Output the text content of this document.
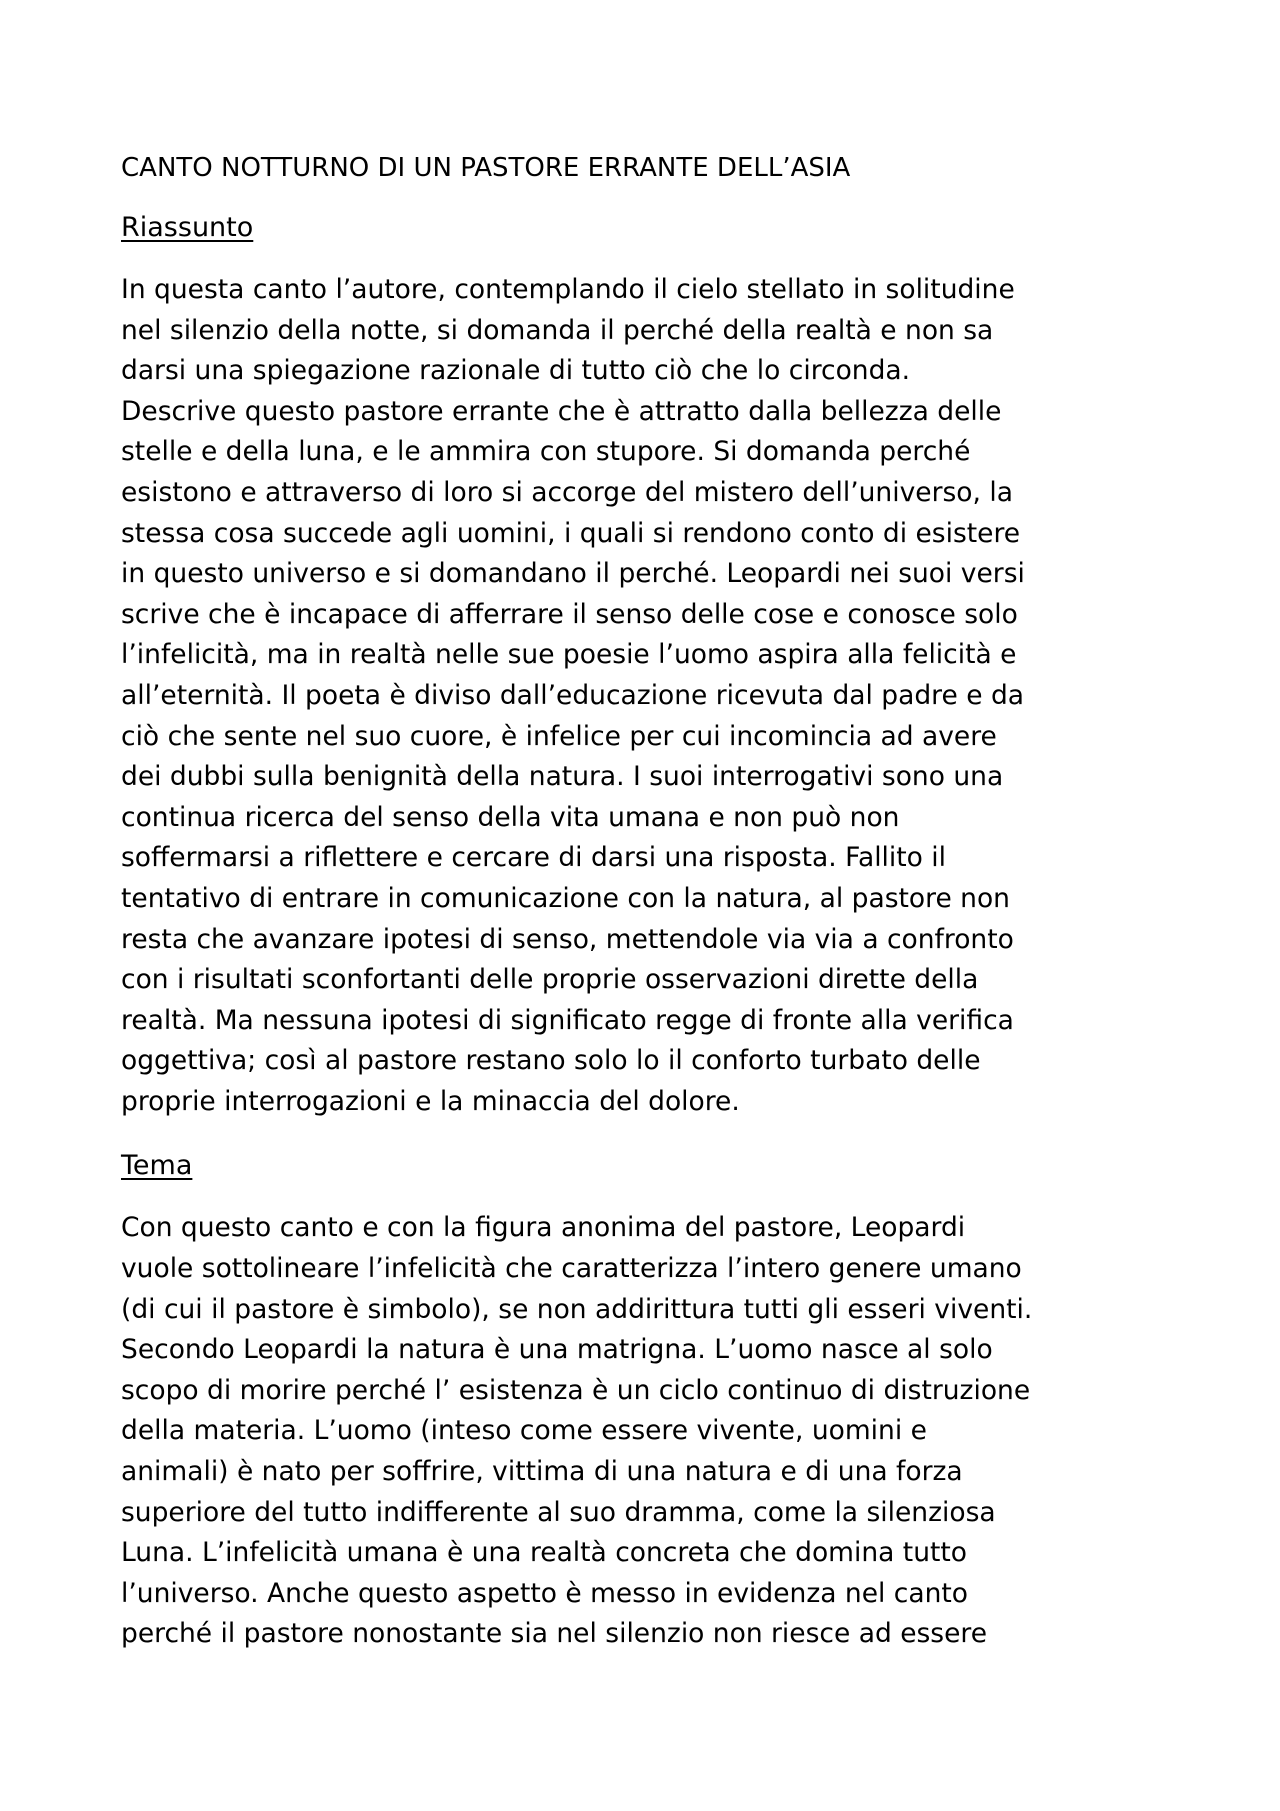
CANTO NOTTURNO DI UN PASTORE ERRANTE DELL’ASIA
Riassunto

In questa canto l’autore, contemplando il cielo stellato in solitudine
nel silenzio della notte, si domanda il perché della realtà e non sa
darsi una spiegazione razionale di tutto ciò che lo circonda.
Descrive questo pastore errante che è attratto dalla bellezza delle
stelle e della luna, e le ammira con stupore. Si domanda perché
esistono e attraverso di loro si accorge del mistero dell’universo, la
stessa cosa succede agli uomini, i quali si rendono conto di esistere
in questo universo e si domandano il perché. Leopardi nei suoi versi
scrive che è incapace di afferrare il senso delle cose e conosce solo
l’infelicità, ma in realtà nelle sue poesie l’uomo aspira alla felicità e
all’eternità. Il poeta è diviso dall’educazione ricevuta dal padre e da
ciò che sente nel suo cuore, è infelice per cui incomincia ad avere
dei dubbi sulla benignità della natura. I suoi interrogativi sono una
continua ricerca del senso della vita umana e non può non
soffermarsi a riflettere e cercare di darsi una risposta. Fallito il
tentativo di entrare in comunicazione con la natura, al pastore non
resta che avanzare ipotesi di senso, mettendole via via a confronto
con i risultati sconfortanti delle proprie osservazioni dirette della
realtà. Ma nessuna ipotesi di significato regge di fronte alla verifica
oggettiva; così al pastore restano solo lo il conforto turbato delle
proprie interrogazioni e la minaccia del dolore.

Tema

Con questo canto e con la figura anonima del pastore, Leopardi
vuole sottolineare l’infelicità che caratterizza l’intero genere umano
(di cui il pastore è simbolo), se non addirittura tutti gli esseri viventi.
Secondo Leopardi la natura è una matrigna. L’uomo nasce al solo
scopo di morire perché l’ esistenza è un ciclo continuo di distruzione
della materia. L’uomo (inteso come essere vivente, uomini e
animali) è nato per soffrire, vittima di una natura e di una forza
superiore del tutto indifferente al suo dramma, come la silenziosa
Luna. L’infelicità umana è una realtà concreta che domina tutto
l’universo. Anche questo aspetto è messo in evidenza nel canto
perché il pastore nonostante sia nel silenzio non riesce ad essere
